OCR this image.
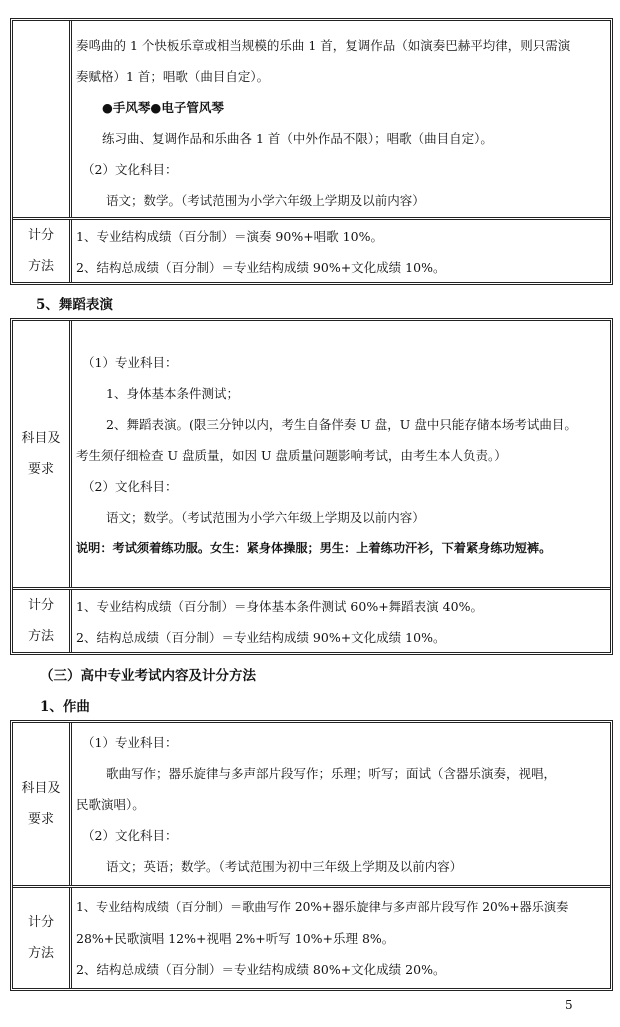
奏鸣曲的 1 个快板乐章或相当规模的乐曲 1 首，复调作品（如演奏巴赫平均律，则只需演
奏赋格）1 首；唱歌（曲目自定）。
●手风琴●电子管风琴
练习曲、复调作品和乐曲各 1 首（中外作品不限）；唱歌（曲目自定）。
（2）文化科目：
语文；数学。（考试范围为小学六年级上学期及以前内容）
计分
方法
1、专业结构成绩（百分制）＝演奏 90%+唱歌 10%。
2、结构总成绩（百分制）＝专业结构成绩 90%+文化成绩 10%。
5、舞蹈表演
科目及
要求
（1）专业科目：
1、身体基本条件测试；
2、舞蹈表演。(限三分钟以内，考生自备伴奏 U 盘，U 盘中只能存储本场考试曲目。
考生须仔细检查 U 盘质量，如因 U 盘质量问题影响考试，由考生本人负责。）
（2）文化科目：
语文；数学。（考试范围为小学六年级上学期及以前内容）
说明：考试须着练功服。女生：紧身体操服；男生：上着练功汗衫，下着紧身练功短裤。
计分
方法
1、专业结构成绩（百分制）＝身体基本条件测试 60%+舞蹈表演 40%。
2、结构总成绩（百分制）＝专业结构成绩 90%+文化成绩 10%。
（三）高中专业考试内容及计分方法
1、作曲
科目及
要求
（1）专业科目：
歌曲写作；器乐旋律与多声部片段写作；乐理；听写；面试（含器乐演奏，视唱，
民歌演唱）。
（2）文化科目：
语文；英语；数学。（考试范围为初中三年级上学期及以前内容）
计分
方法
1、专业结构成绩（百分制）＝歌曲写作 20%+器乐旋律与多声部片段写作 20%+器乐演奏
28%+民歌演唱 12%+视唱 2%+听写 10%+乐理 8%。
2、结构总成绩（百分制）＝专业结构成绩 80%+文化成绩 20%。
5
